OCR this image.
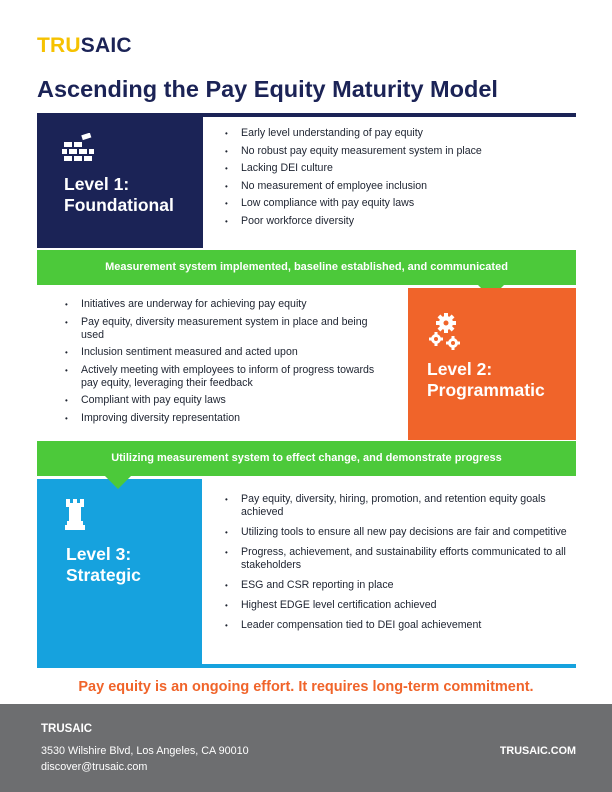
TRUSAIC
Ascending the Pay Equity Maturity Model
Level 1:
Foundational
• Early level understanding of pay equity
• No robust pay equity measurement system in place
• Lacking DEI culture
• No measurement of employee inclusion
• Low compliance with pay equity laws
• Poor workforce diversity
Measurement system implemented, baseline established, and communicated
• Initiatives are underway for achieving pay equity
• Pay equity, diversity measurement system in place and being used
• Inclusion sentiment measured and acted upon
• Actively meeting with employees to inform of progress towards pay equity, leveraging their feedback
• Compliant with pay equity laws
• Improving diversity representation
Level 2:
Programmatic
Utilizing measurement system to effect change, and demonstrate progress
Level 3:
Strategic
• Pay equity, diversity, hiring, promotion, and retention equity goals achieved
• Utilizing tools to ensure all new pay decisions are fair and competitive
• Progress, achievement, and sustainability efforts communicated to all stakeholders
• ESG and CSR reporting in place
• Highest EDGE level certification achieved
• Leader compensation tied to DEI goal achievement
Pay equity is an ongoing effort. It requires long-term commitment.
TRUSAIC
3530 Wilshire Blvd, Los Angeles, CA 90010
discover@trusaic.com
TRUSAIC.COM
